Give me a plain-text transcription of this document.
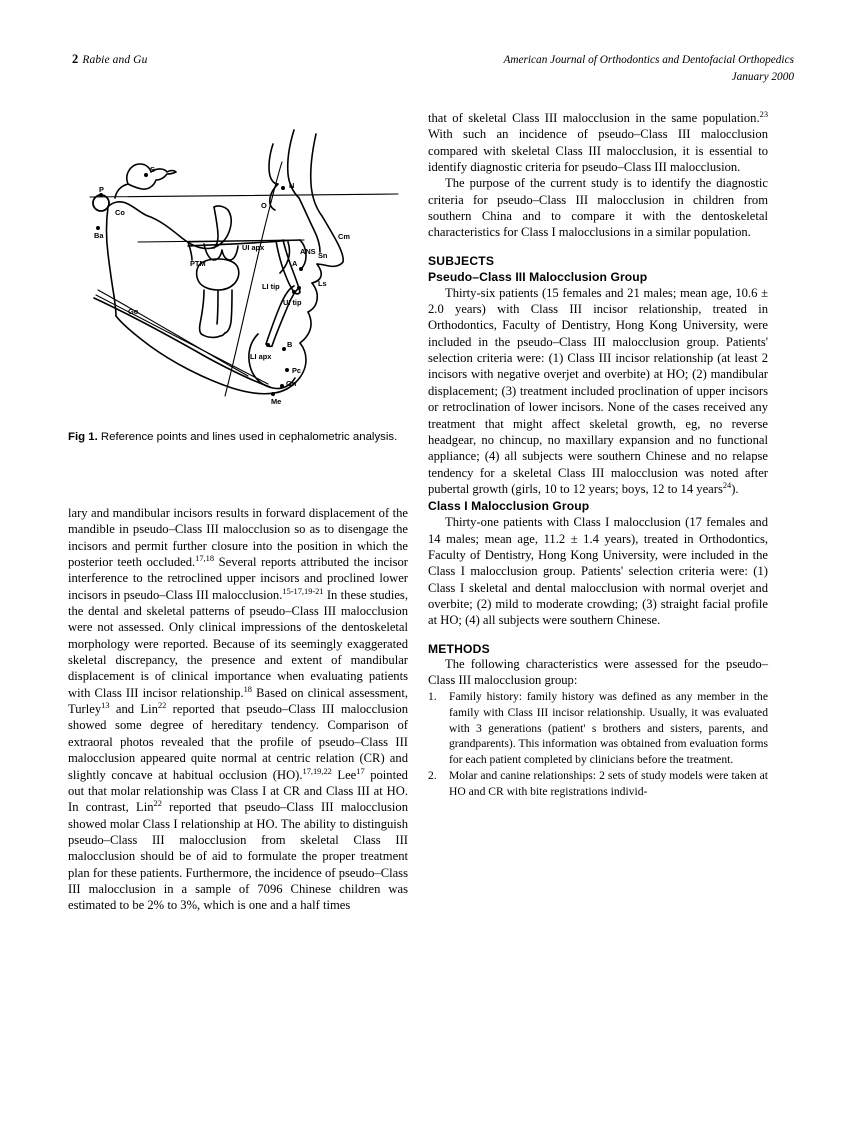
2 Rabie and Gu	American Journal of Orthodontics and Dentofacial Orthopedics
January 2000
S
N
P
Co
Ba
O
Cm
PTM
UI apx	ANS
A
Sn
Ls
LI tip
UI tip
Go
B
LI apx
Pc
Gn
Me
Fig 1. Reference points and lines used in cephalometric analysis.

lary and mandibular incisors results in forward displacement of the mandible in pseudo–Class III malocclusion so as to disengage the incisors and permit further closure into the position in which the posterior teeth occluded.$^{17,18}$ Several reports attributed the incisor interference to the retroclined upper incisors and proclined lower incisors in pseudo–Class III malocclusion.$^{15-17,19-21}$ In these studies, the dental and skeletal patterns of pseudo–Class III malocclusion were not assessed. Only clinical impressions of the dentoskeletal morphology were reported. Because of its seemingly exaggerated skeletal discrepancy, the presence and extent of mandibular displacement is of clinical importance when evaluating patients with Class III incisor relationship.$^{18}$ Based on clinical assessment, Turley$^{13}$ and Lin$^{22}$ reported that pseudo–Class III malocclusion showed some degree of hereditary tendency. Comparison of extraoral photos revealed that the profile of pseudo–Class III malocclusion appeared quite normal at centric relation (CR) and slightly concave at habitual occlusion (HO).$^{17,19,22}$ Lee$^{17}$ pointed out that molar relationship was Class I at CR and Class III at HO. In contrast, Lin$^{22}$ reported that pseudo–Class III malocclusion showed molar Class I relationship at HO. The ability to distinguish pseudo–Class III malocclusion from skeletal Class III malocclusion should be of aid to formulate the proper treatment plan for these patients. Furthermore, the incidence of pseudo–Class III malocclusion in a sample of 7096 Chinese children was estimated to be 2% to 3%, which is one and a half times

that of skeletal Class III malocclusion in the same population.$^{23}$ With such an incidence of pseudo–Class III malocclusion compared with skeletal Class III malocclusion, it is essential to identify diagnostic criteria for pseudo–Class III malocclusion.

The purpose of the current study is to identify the diagnostic criteria for pseudo–Class III malocclusion in children from southern China and to compare it with the dentoskeletal characteristics for Class I malocclusions in a similar population.

SUBJECTS
Pseudo–Class III Malocclusion Group

Thirty-six patients (15 females and 21 males; mean age, 10.6 ± 2.0 years) with Class III incisor relationship, treated in Orthodontics, Faculty of Dentistry, Hong Kong University, were included in the pseudo–Class III malocclusion group. Patients' selection criteria were: (1) Class III incisor relationship (at least 2 incisors with negative overjet and overbite) at HO; (2) mandibular displacement; (3) treatment included proclination of upper incisors or retroclination of lower incisors. None of the cases received any treatment that might affect skeletal growth, eg, no reverse headgear, no chincup, no maxillary expansion and no functional appliance; (4) all subjects were southern Chinese and no relapse tendency for a skeletal Class III malocclusion was noted after pubertal growth (girls, 10 to 12 years; boys, 12 to 14 years$^{24}$).

Class I Malocclusion Group

Thirty-one patients with Class I malocclusion (17 females and 14 males; mean age, 11.2 ± 1.4 years), treated in Orthodontics, Faculty of Dentistry, Hong Kong University, were included in the Class I malocclusion group. Patients' selection criteria were: (1) Class I skeletal and dental malocclusion with normal overjet and overbite; (2) mild to moderate crowding; (3) straight facial profile at HO; (4) all subjects were southern Chinese.

METHODS

The following characteristics were assessed for the pseudo–Class III malocclusion group:

1.	Family history: family history was defined as any member in the family with Class III incisor relationship. Usually, it was evaluated with 3 generations (patient' s brothers and sisters, parents, and grandparents). This information was obtained from evaluation forms for each patient completed by clinicians before the treatment.
2.	Molar and canine relationships: 2 sets of study models were taken at HO and CR with bite registrations individ-
